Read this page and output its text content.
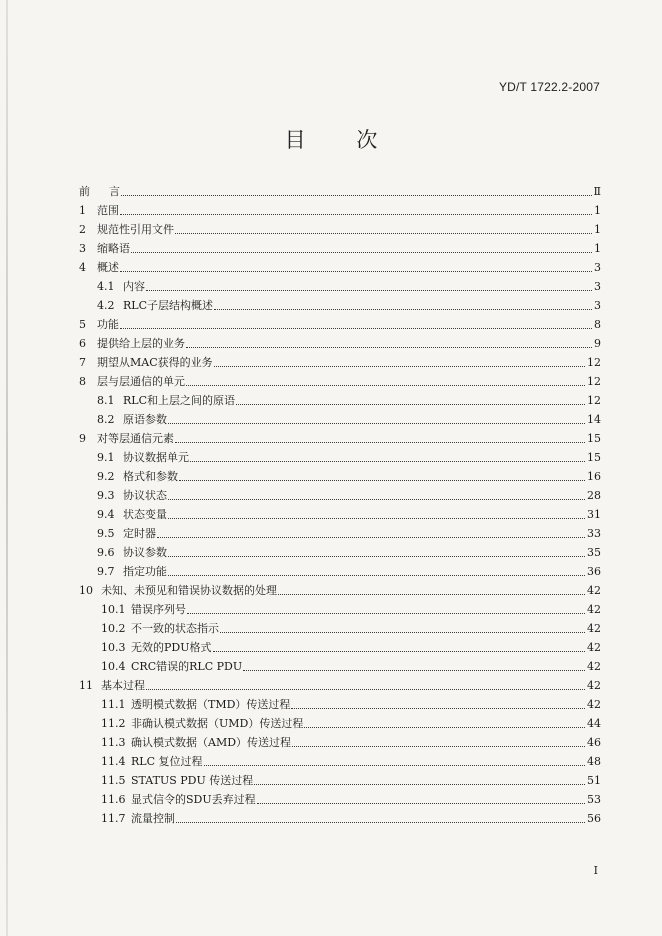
YD/T 1722.2-2007
目 次
前	言	Ⅱ
1	范围	1
2	规范性引用文件	1
3	缩略语	1
4	概述	3
4.1 内容	3
4.2 RLC子层结构概述	3
5	功能	8
6	提供给上层的业务	9
7	期望从MAC获得的业务	12
8	层与层通信的单元	12
8.1 RLC和上层之间的原语	12
8.2 原语参数	14
9	对等层通信元素	15
9.1 协议数据单元	15
9.2 格式和参数	16
9.3 协议状态	28
9.4 状态变量	31
9.5 定时器	33
9.6 协议参数	35
9.7 指定功能	36
10 未知、未预见和错误协议数据的处理	42
10.1 错误序列号	42
10.2 不一致的状态指示	42
10.3 无效的PDU格式	42
10.4 CRC错误的RLC PDU	42
11 基本过程	42
11.1 透明模式数据（TMD）传送过程	42
11.2 非确认模式数据（UMD）传送过程	44
11.3 确认模式数据（AMD）传送过程	46
11.4 RLC 复位过程	48
11.5 STATUS PDU 传送过程	51
11.6 显式信令的SDU丢弃过程	53
11.7 流量控制	56
I
